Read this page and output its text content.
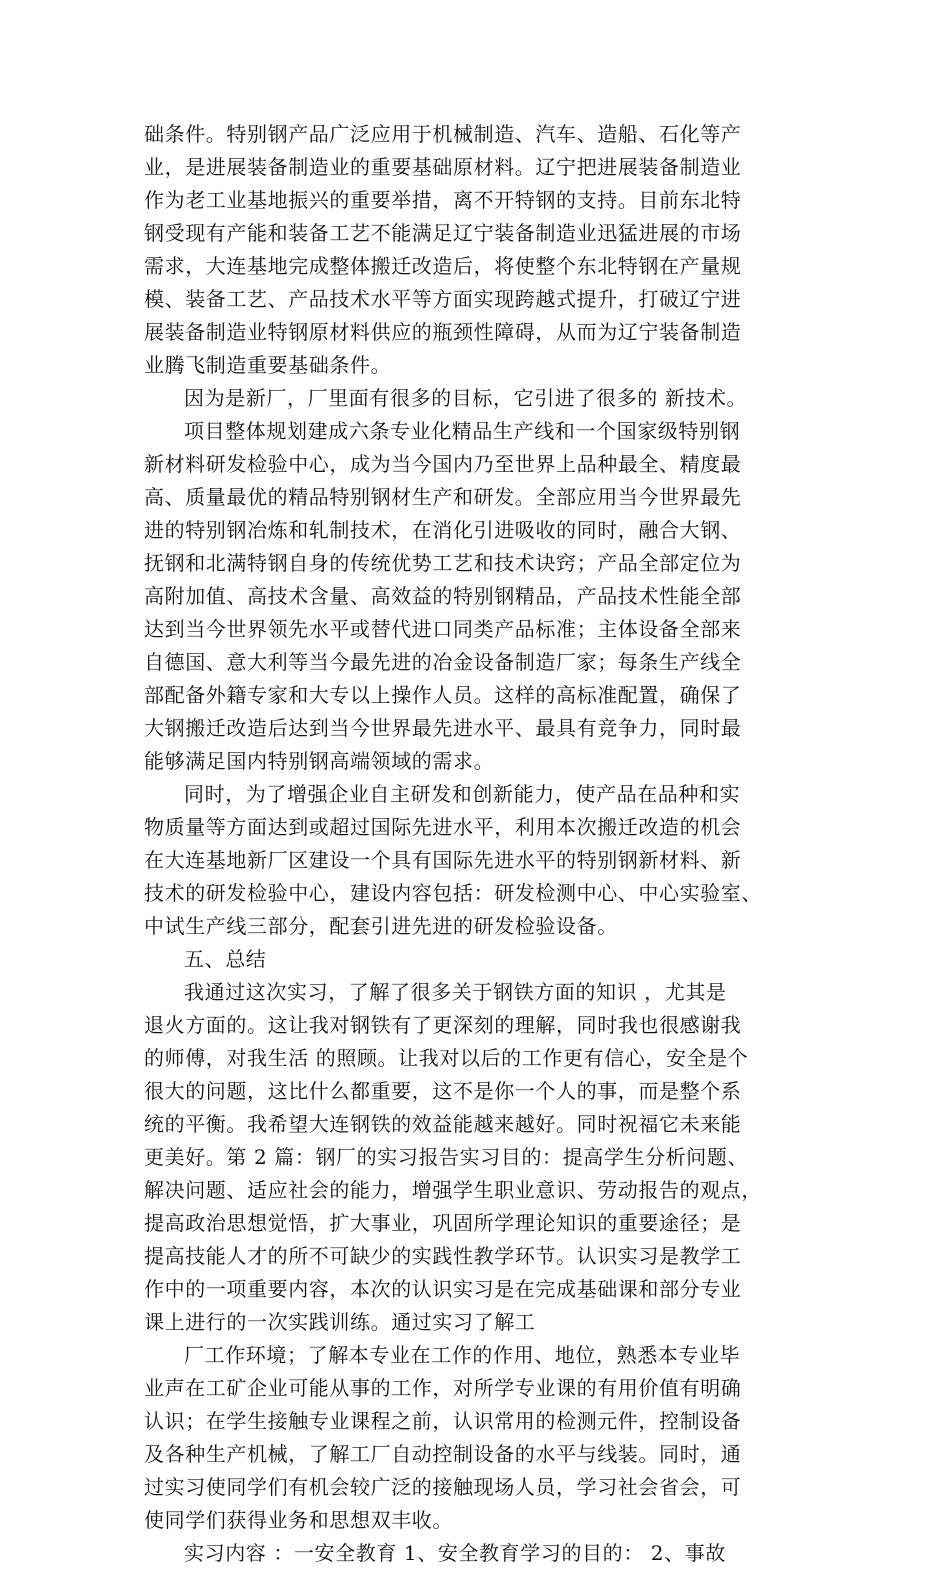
础条件。特别钢产品广泛应用于机械制造、汽车、造船、石化等产
业，是进展装备制造业的重要基础原材料。辽宁把进展装备制造业
作为老工业基地振兴的重要举措，离不开特钢的支持。目前东北特
钢受现有产能和装备工艺不能满足辽宁装备制造业迅猛进展的市场
需求，大连基地完成整体搬迁改造后，将使整个东北特钢在产量规
模、装备工艺、产品技术水平等方面实现跨越式提升，打破辽宁进
展装备制造业特钢原材料供应的瓶颈性障碍，从而为辽宁装备制造
业腾飞制造重要基础条件。
因为是新厂，厂里面有很多的目标，它引进了很多的 新技术。
项目整体规划建成六条专业化精品生产线和一个国家级特别钢
新材料研发检验中心，成为当今国内乃至世界上品种最全、精度最
高、质量最优的精品特别钢材生产和研发。全部应用当今世界最先
进的特别钢冶炼和轧制技术，在消化引进吸收的同时，融合大钢、
抚钢和北满特钢自身的传统优势工艺和技术诀窍；产品全部定位为
高附加值、高技术含量、高效益的特别钢精品，产品技术性能全部
达到当今世界领先水平或替代进口同类产品标准；主体设备全部来
自德国、意大利等当今最先进的冶金设备制造厂家；每条生产线全
部配备外籍专家和大专以上操作人员。这样的高标准配置，确保了
大钢搬迁改造后达到当今世界最先进水平、最具有竞争力，同时最
能够满足国内特别钢高端领域的需求。
同时，为了增强企业自主研发和创新能力，使产品在品种和实
物质量等方面达到或超过国际先进水平，利用本次搬迁改造的机会
在大连基地新厂区建设一个具有国际先进水平的特别钢新材料、新
技术的研发检验中心，建设内容包括：研发检测中心、中心实验室、
中试生产线三部分，配套引进先进的研发检验设备。
五、总结
我通过这次实习，了解了很多关于钢铁方面的知识 ，尤其是
退火方面的。这让我对钢铁有了更深刻的理解，同时我也很感谢我
的师傅，对我生活 的照顾。让我对以后的工作更有信心，安全是个
很大的问题，这比什么都重要，这不是你一个人的事，而是整个系
统的平衡。我希望大连钢铁的效益能越来越好。同时祝福它未来能
更美好。第 2 篇：钢厂的实习报告实习目的：提高学生分析问题、
解决问题、适应社会的能力，增强学生职业意识、劳动报告的观点，
提高政治思想觉悟，扩大事业，巩固所学理论知识的重要途径；是
提高技能人才的所不可缺少的实践性教学环节。认识实习是教学工
作中的一项重要内容，本次的认识实习是在完成基础课和部分专业
课上进行的一次实践训练。通过实习了解工
厂工作环境；了解本专业在工作的作用、地位，熟悉本专业毕
业声在工矿企业可能从事的工作，对所学专业课的有用价值有明确
认识；在学生接触专业课程之前，认识常用的检测元件，控制设备
及各种生产机械，了解工厂自动控制设备的水平与线装。同时，通
过实习使同学们有机会较广泛的接触现场人员，学习社会省会，可
使同学们获得业务和思想双丰收。
实习内容 ：一安全教育 1、安全教育学习的目的： 2、事故
